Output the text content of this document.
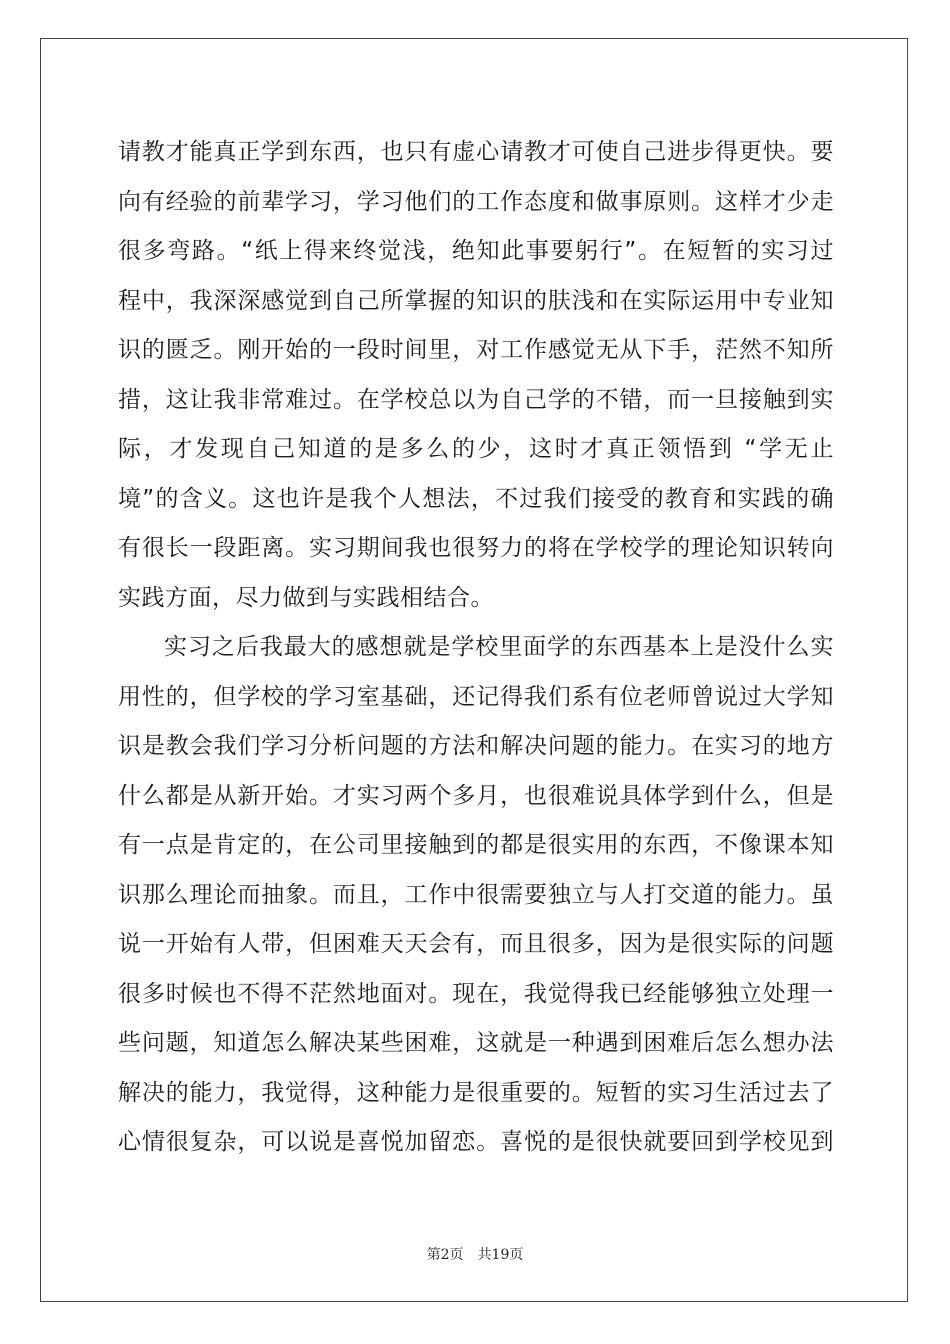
请教才能真正学到东西，也只有虚心请教才可使自己进步得更快。要
向有经验的前辈学习，学习他们的工作态度和做事原则。这样才少走
很多弯路。“纸上得来终觉浅，绝知此事要躬行”。在短暂的实习过
程中，我深深感觉到自己所掌握的知识的肤浅和在实际运用中专业知
识的匮乏。刚开始的一段时间里，对工作感觉无从下手，茫然不知所
措，这让我非常难过。在学校总以为自己学的不错，而一旦接触到实
际，才发现自己知道的是多么的少，这时才真正领悟到 “学无止
境”的含义。这也许是我个人想法，不过我们接受的教育和实践的确
有很长一段距离。实习期间我也很努力的将在学校学的理论知识转向
实践方面，尽力做到与实践相结合。
实习之后我最大的感想就是学校里面学的东西基本上是没什么实
用性的，但学校的学习室基础，还记得我们系有位老师曾说过大学知
识是教会我们学习分析问题的方法和解决问题的能力。在实习的地方
什么都是从新开始。才实习两个多月，也很难说具体学到什么，但是
有一点是肯定的，在公司里接触到的都是很实用的东西，不像课本知
识那么理论而抽象。而且，工作中很需要独立与人打交道的能力。虽
说一开始有人带，但困难天天会有，而且很多，因为是很实际的问题
很多时候也不得不茫然地面对。现在，我觉得我已经能够独立处理一
些问题，知道怎么解决某些困难，这就是一种遇到困难后怎么想办法
解决的能力，我觉得，这种能力是很重要的。短暂的实习生活过去了
心情很复杂，可以说是喜悦加留恋。喜悦的是很快就要回到学校见到
第2页 共19页
